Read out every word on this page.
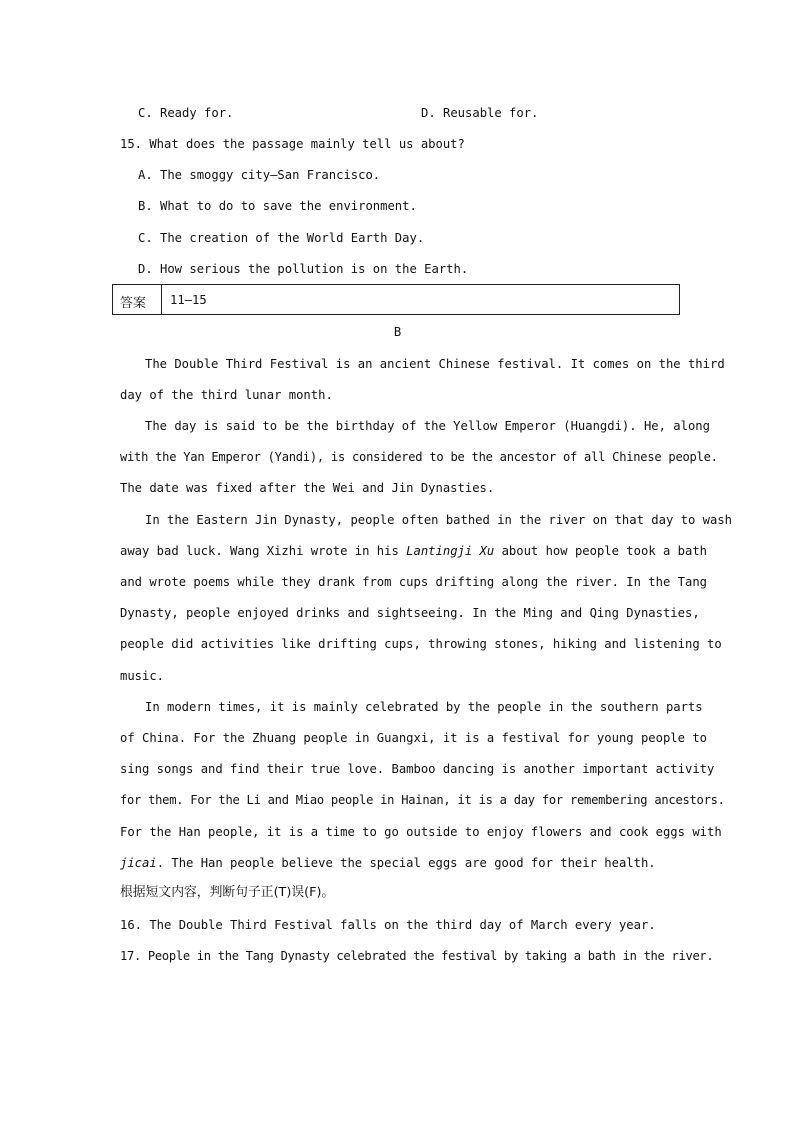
C. Ready for.	D. Reusable for.
15. What does the passage mainly tell us about?
A. The smoggy city—San Francisco.
B. What to do to save the environment.
C. The creation of the World Earth Day.
D. How serious the pollution is on the Earth.
答案 11—15
B
The Double Third Festival is an ancient Chinese festival. It comes on the third
day of the third lunar month.
The day is said to be the birthday of the Yellow Emperor (Huangdi). He, along
with the Yan Emperor (Yandi), is considered to be the ancestor of all Chinese people.
The date was fixed after the Wei and Jin Dynasties.
In the Eastern Jin Dynasty, people often bathed in the river on that day to wash
away bad luck. Wang Xizhi wrote in his Lantingji Xu about how people took a bath
and wrote poems while they drank from cups drifting along the river. In the Tang
Dynasty, people enjoyed drinks and sightseeing. In the Ming and Qing Dynasties,
people did activities like drifting cups, throwing stones, hiking and listening to
music.
In modern times, it is mainly celebrated by the people in the southern parts
of China. For the Zhuang people in Guangxi, it is a festival for young people to
sing songs and find their true love. Bamboo dancing is another important activity
for them. For the Li and Miao people in Hainan, it is a day for remembering ancestors.
For the Han people, it is a time to go outside to enjoy flowers and cook eggs with
jicai. The Han people believe the special eggs are good for their health.
根据短文内容，判断句子正(T)误(F)。
16. The Double Third Festival falls on the third day of March every year.
17. People in the Tang Dynasty celebrated the festival by taking a bath in the river.
